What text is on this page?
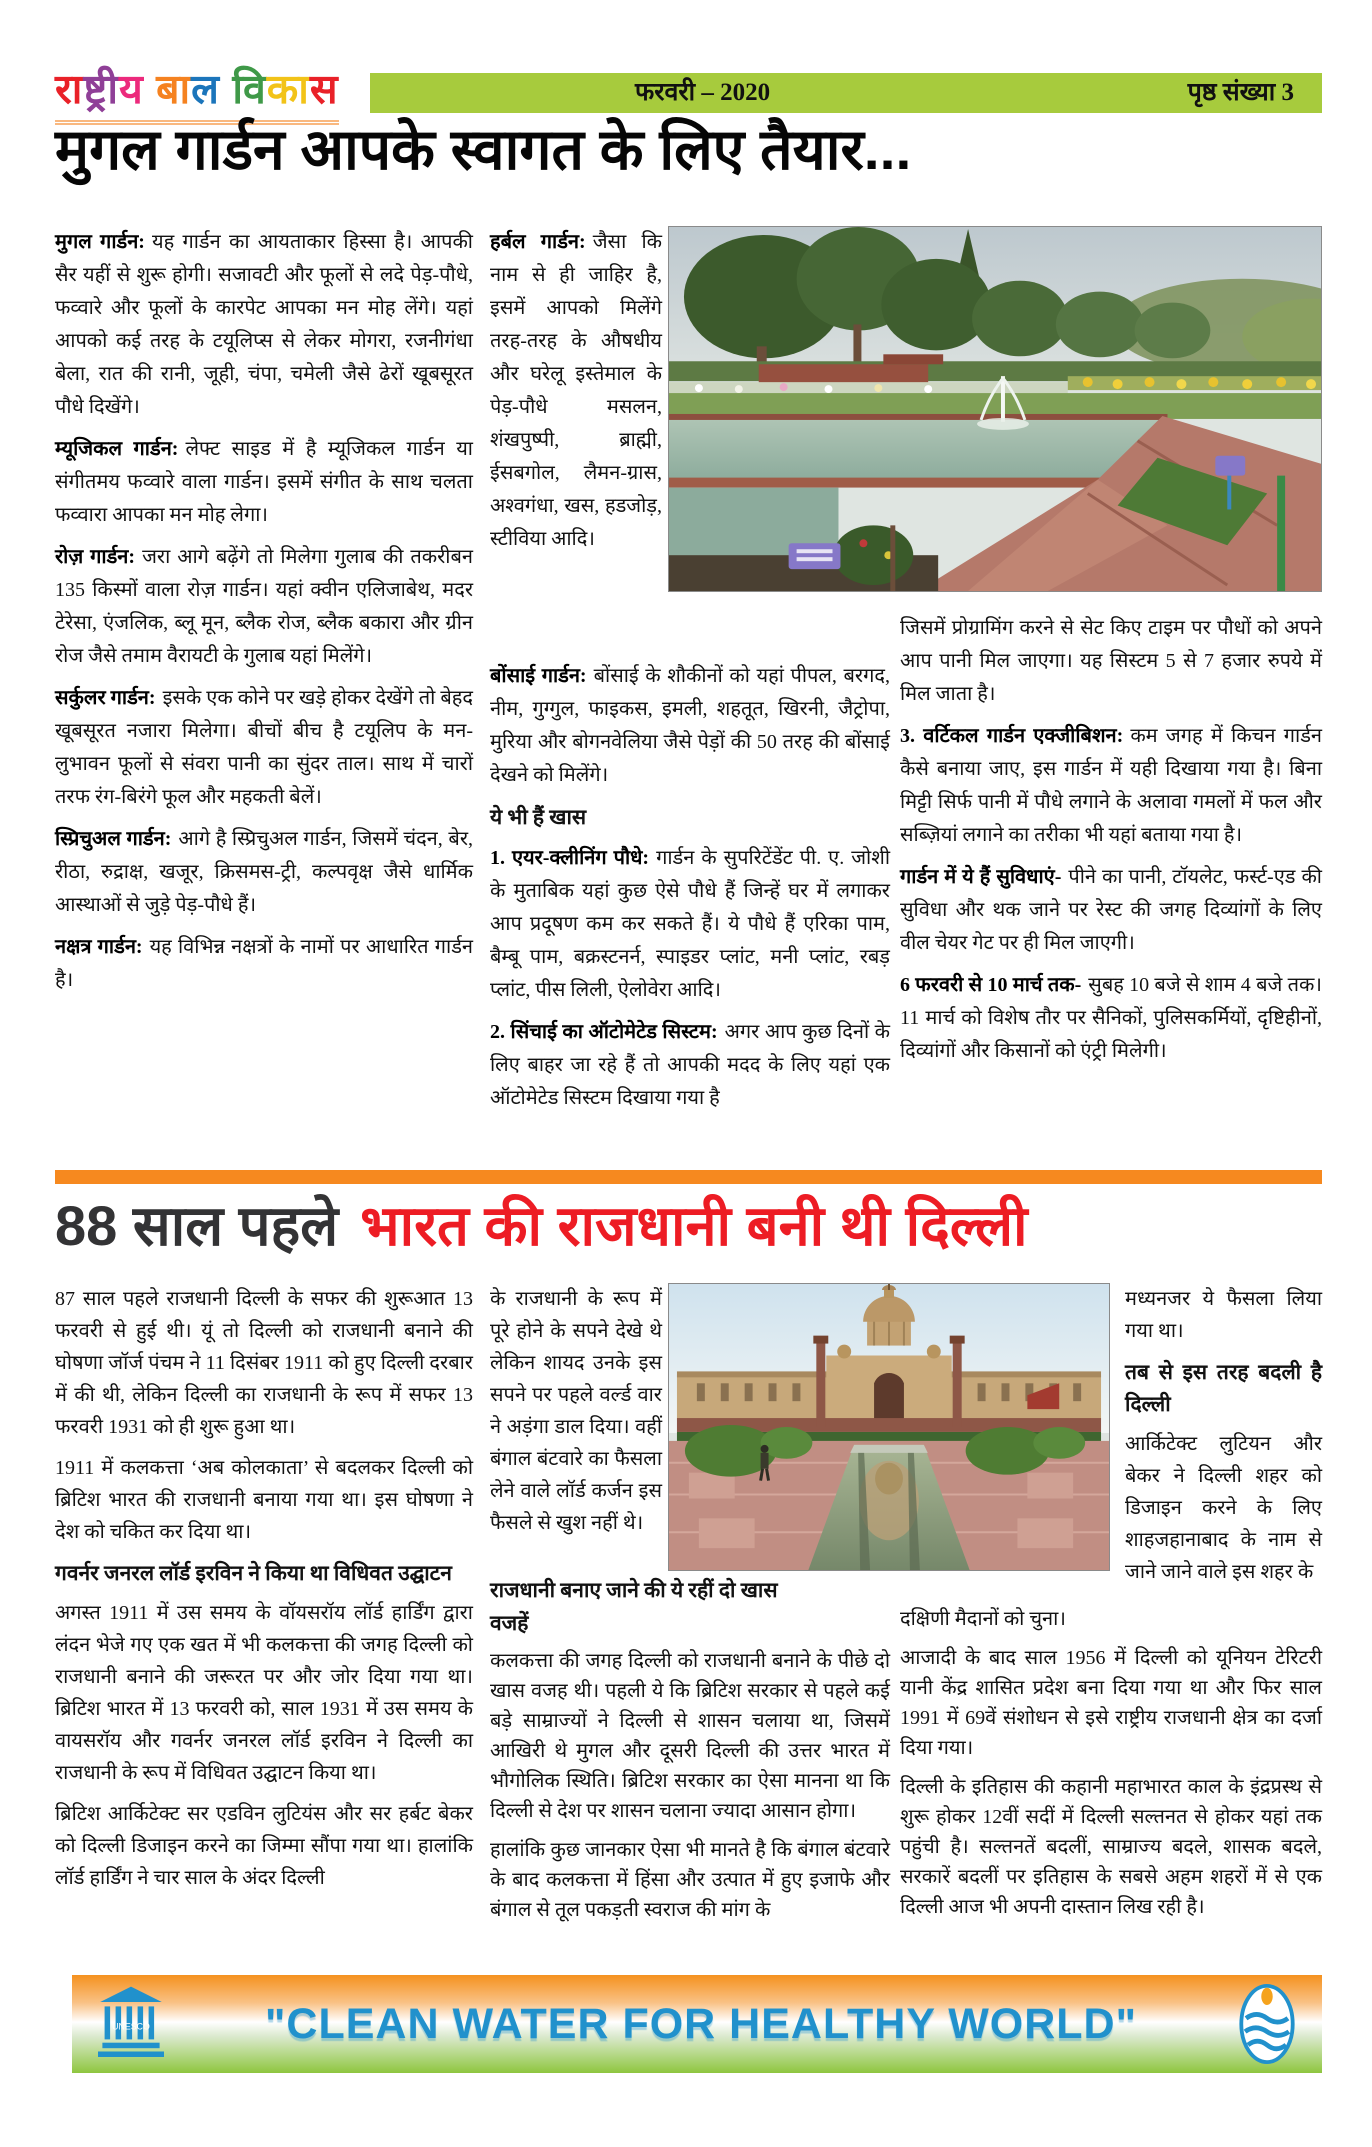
राष्ट्रीय बाल विकास	फरवरी – 2020	पृष्ठ संख्या 3
मुगल गार्डन आपके स्वागत के लिए तैयार...

मुगल गार्डन: यह गार्डन का आयताकार हिस्सा है। आपकी सैर यहीं से शुरू होगी। सजावटी और फूलों से लदे पेड़-पौधे, फव्वारे और फूलों के कारपेट आपका मन मोह लेंगे। यहां आपको कई तरह के टयूलिप्स से लेकर मोगरा, रजनीगंधा बेला, रात की रानी, जूही, चंपा, चमेली जैसे ढेरों खूबसूरत पौधे दिखेंगे।

म्यूजिकल गार्डन: लेफ्ट साइड में है म्यूजिकल गार्डन या संगीतमय फव्वारे वाला गार्डन। इसमें संगीत के साथ चलता फव्वारा आपका मन मोह लेगा।

रोज़ गार्डन: जरा आगे बढ़ेंगे तो मिलेगा गुलाब की तकरीबन 135 किस्मों वाला रोज़ गार्डन। यहां क्वीन एलिजाबेथ, मदर टेरेसा, एंजलिक, ब्लू मून, ब्लैक रोज, ब्लैक बकारा और ग्रीन रोज जैसे तमाम वैरायटी के गुलाब यहां मिलेंगे।

सर्कुलर गार्डन: इसके एक कोने पर खड़े होकर देखेंगे तो बेहद खूबसूरत नजारा मिलेगा। बीचों बीच है टयूलिप के मन-लुभावन फूलों से संवरा पानी का सुंदर ताल। साथ में चारों तरफ रंग-बिरंगे फूल और महकती बेलें।

स्प्रिचुअल गार्डन: आगे है स्प्रिचुअल गार्डन, जिसमें चंदन, बेर, रीठा, रुद्राक्ष, खजूर, क्रिसमस-ट्री, कल्पवृक्ष जैसे धार्मिक आस्थाओं से जुड़े पेड़-पौधे हैं।

नक्षत्र गार्डन: यह विभिन्न नक्षत्रों के नामों पर आधारित गार्डन है।

हर्बल गार्डन: जैसा कि नाम से ही जाहिर है, इसमें आपको मिलेंगे तरह-तरह के औषधीय और घरेलू इस्तेमाल के पेड़-पौधे मसलन, शंखपुष्पी, ब्राह्मी, ईसबगोल, लैमन-ग्रास, अश्वगंधा, खस, हडजोड़, स्टीविया आदि।

बोंसाई गार्डन: बोंसाई के शौकीनों को यहां पीपल, बरगद, नीम, गुग्गुल, फाइकस, इमली, शहतूत, खिरनी, जैट्रोपा, मुरिया और बोगनवेलिया जैसे पेड़ों की 50 तरह की बोंसाई देखने को मिलेंगे।

ये भी हैं खास

1. एयर-क्लीनिंग पौधे: गार्डन के सुपरिटेंडेंट पी. ए. जोशी के मुताबिक यहां कुछ ऐसे पौधे हैं जिन्हें घर में लगाकर आप प्रदूषण कम कर सकते हैं। ये पौधे हैं एरिका पाम, बैम्बू पाम, बक्रस्टनर्न, स्पाइडर प्लांट, मनी प्लांट, रबड़ प्लांट, पीस लिली, ऐलोवेरा आदि।

2. सिंचाई का ऑटोमेटेड सिस्टम: अगर आप कुछ दिनों के लिए बाहर जा रहे हैं तो आपकी मदद के लिए यहां एक ऑटोमेटेड सिस्टम दिखाया गया है

जिसमें प्रोग्रामिंग करने से सेट किए टाइम पर पौधों को अपने आप पानी मिल जाएगा। यह सिस्टम 5 से 7 हजार रुपये में मिल जाता है।

3. वर्टिकल गार्डन एक्जीबिशन: कम जगह में किचन गार्डन कैसे बनाया जाए, इस गार्डन में यही दिखाया गया है। बिना मिट्टी सिर्फ पानी में पौधे लगाने के अलावा गमलों में फल और सब्ज़ियां लगाने का तरीका भी यहां बताया गया है।

गार्डन में ये हैं सुविधाएं- पीने का पानी, टॉयलेट, फर्स्ट-एड की सुविधा और थक जाने पर रेस्ट की जगह दिव्यांगों के लिए वील चेयर गेट पर ही मिल जाएगी।

6 फरवरी से 10 मार्च तक- सुबह 10 बजे से शाम 4 बजे तक। 11 मार्च को विशेष तौर पर सैनिकों, पुलिसकर्मियों, दृष्टिहीनों, दिव्यांगों और किसानों को एंट्री मिलेगी।

88 साल पहले भारत की राजधानी बनी थी दिल्ली

87 साल पहले राजधानी दिल्ली के सफर की शुरूआत 13 फरवरी से हुई थी। यूं तो दिल्ली को राजधानी बनाने की घोषणा जॉर्ज पंचम ने 11 दिसंबर 1911 को हुए दिल्ली दरबार में की थी, लेकिन दिल्ली का राजधानी के रूप में सफर 13 फरवरी 1931 को ही शुरू हुआ था।

1911 में कलकत्ता ‘अब कोलकाता’ से बदलकर दिल्ली को ब्रिटिश भारत की राजधानी बनाया गया था। इस घोषणा ने देश को चकित कर दिया था।

गवर्नर जनरल लॉर्ड इरविन ने किया था विधिवत उद्घाटन

अगस्त 1911 में उस समय के वॉयसरॉय लॉर्ड हार्डिंग द्वारा लंदन भेजे गए एक खत में भी कलकत्ता की जगह दिल्ली को राजधानी बनाने की जरूरत पर और जोर दिया गया था। ब्रिटिश भारत में 13 फरवरी को, साल 1931 में उस समय के वायसरॉय और गवर्नर जनरल लॉर्ड इरविन ने दिल्ली का राजधानी के रूप में विधिवत उद्घाटन किया था।

ब्रिटिश आर्किटेक्ट सर एडविन लुटियंस और सर हर्बट बेकर को दिल्ली डिजाइन करने का जिम्मा सौंपा गया था। हालांकि लॉर्ड हार्डिंग ने चार साल के अंदर दिल्ली

के राजधानी के रूप में पूरे होने के सपने देखे थे लेकिन शायद उनके इस सपने पर पहले वर्ल्ड वार ने अड़ंगा डाल दिया। वहीं बंगाल बंटवारे का फैसला लेने वाले लॉर्ड कर्जन इस फैसले से खुश नहीं थे।

मध्यनजर ये फैसला लिया गया था।

तब से इस तरह बदली है दिल्ली

आर्किटेक्ट लुटियन और बेकर ने दिल्ली शहर को डिजाइन करने के लिए शाहजहानाबाद के नाम से जाने जाने वाले इस शहर के

राजधानी बनाए जाने की ये रहीं दो खास वजहें

कलकत्ता की जगह दिल्ली को राजधानी बनाने के पीछे दो खास वजह थी। पहली ये कि ब्रिटिश सरकार से पहले कई बड़े साम्राज्यों ने दिल्ली से शासन चलाया था, जिसमें आखिरी थे मुगल और दूसरी दिल्ली की उत्तर भारत में भौगोलिक स्थिति। ब्रिटिश सरकार का ऐसा मानना था कि दिल्ली से देश पर शासन चलाना ज्यादा आसान होगा।

हालांकि कुछ जानकार ऐसा भी मानते है कि बंगाल बंटवारे के बाद कलकत्ता में हिंसा और उत्पात में हुए इजाफे और बंगाल से तूल पकड़ती स्वराज की मांग के

दक्षिणी मैदानों को चुना।

आजादी के बाद साल 1956 में दिल्ली को यूनियन टेरिटरी यानी केंद्र शासित प्रदेश बना दिया गया था और फिर साल 1991 में 69वें संशोधन से इसे राष्ट्रीय राजधानी क्षेत्र का दर्जा दिया गया।

दिल्ली के इतिहास की कहानी महाभारत काल के इंद्रप्रस्थ से शुरू होकर 12वीं सदीं में दिल्ली सल्तनत से होकर यहां तक पहुंची है। सल्तनतें बदलीं, साम्राज्य बदले, शासक बदले, सरकारें बदलीं पर इतिहास के सबसे अहम शहरों में से एक दिल्ली आज भी अपनी दास्तान लिख रही है।

UNESCO	"CLEAN WATER FOR HEALTHY WORLD"
